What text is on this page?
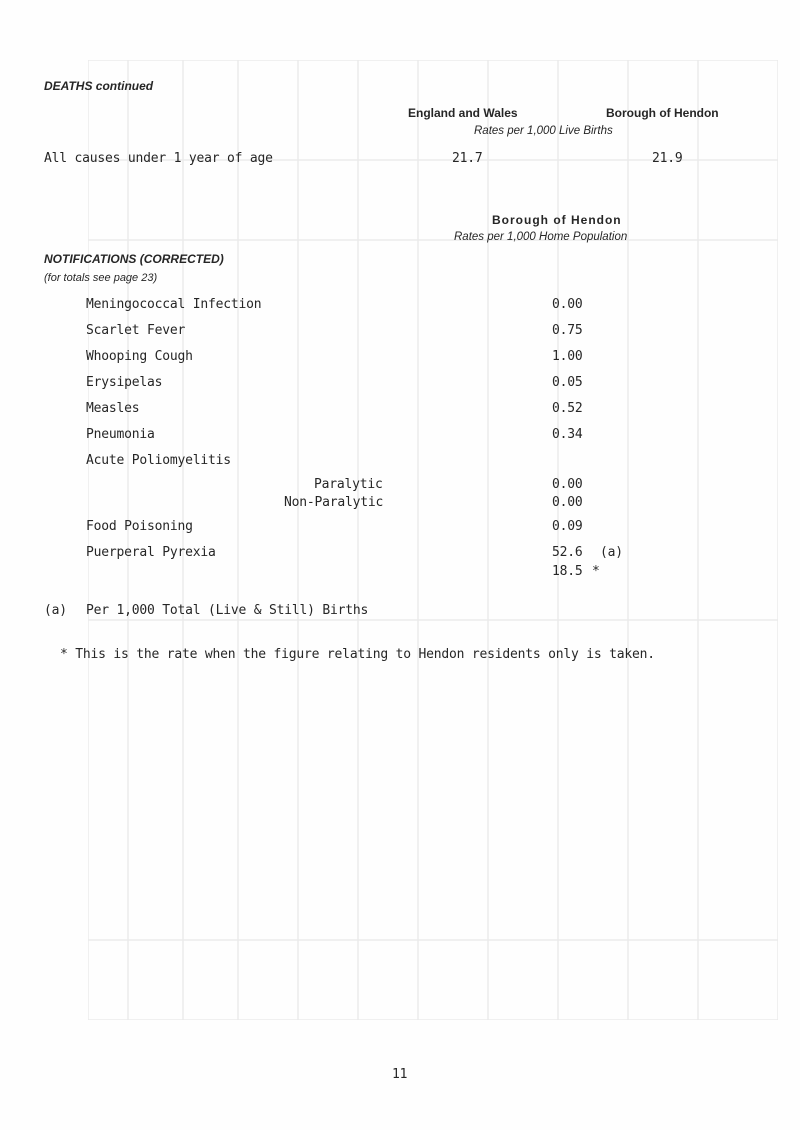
DEATHS continued
England and Wales	Borough of Hendon
Rates per 1,000 Live Births
All causes under 1 year of age	21.7	21.9
Borough of Hendon
Rates per 1,000 Home Population
NOTIFICATIONS (CORRECTED)
(for totals see page 23)
Meningococcal Infection	0.00
Scarlet Fever	0.75
Whooping Cough	1.00
Erysipelas	0.05
Measles	0.52
Pneumonia	0.34
Acute Poliomyelitis
Paralytic	0.00
Non-Paralytic	0.00
Food Poisoning	0.09
Puerperal Pyrexia	52.6 (a)
18.5 *
(a) Per 1,000 Total (Live & Still) Births
* This is the rate when the figure relating to Hendon residents only is taken.
11
